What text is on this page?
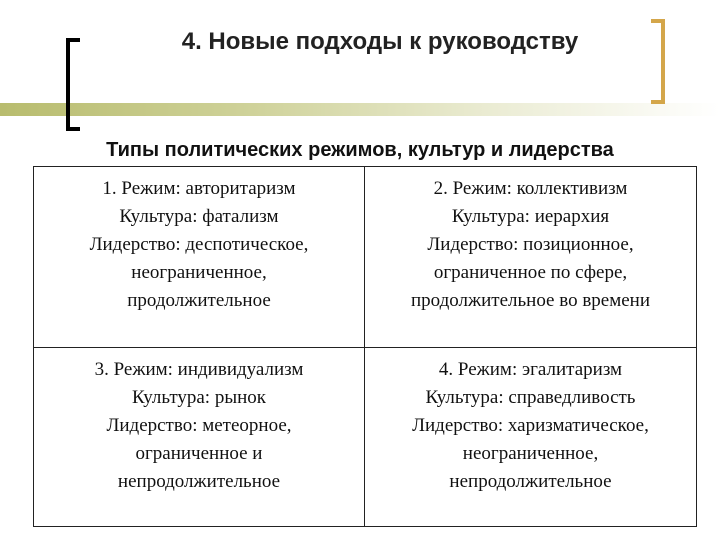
4. Новые подходы к руководству
Типы политических режимов, культур и лидерства
1. Режим: авторитаризм
Культура: фатализм
Лидерство: деспотическое,
неограниченное,
продолжительное
2. Режим: коллективизм
Культура: иерархия
Лидерство: позиционное,
ограниченное по сфере,
продолжительное во времени
3. Режим: индивидуализм
Культура: рынок
Лидерство: метеорное,
ограниченное и
непродолжительное
4. Режим: эгалитаризм
Культура: справедливость
Лидерство: харизматическое,
неограниченное,
непродолжительное
